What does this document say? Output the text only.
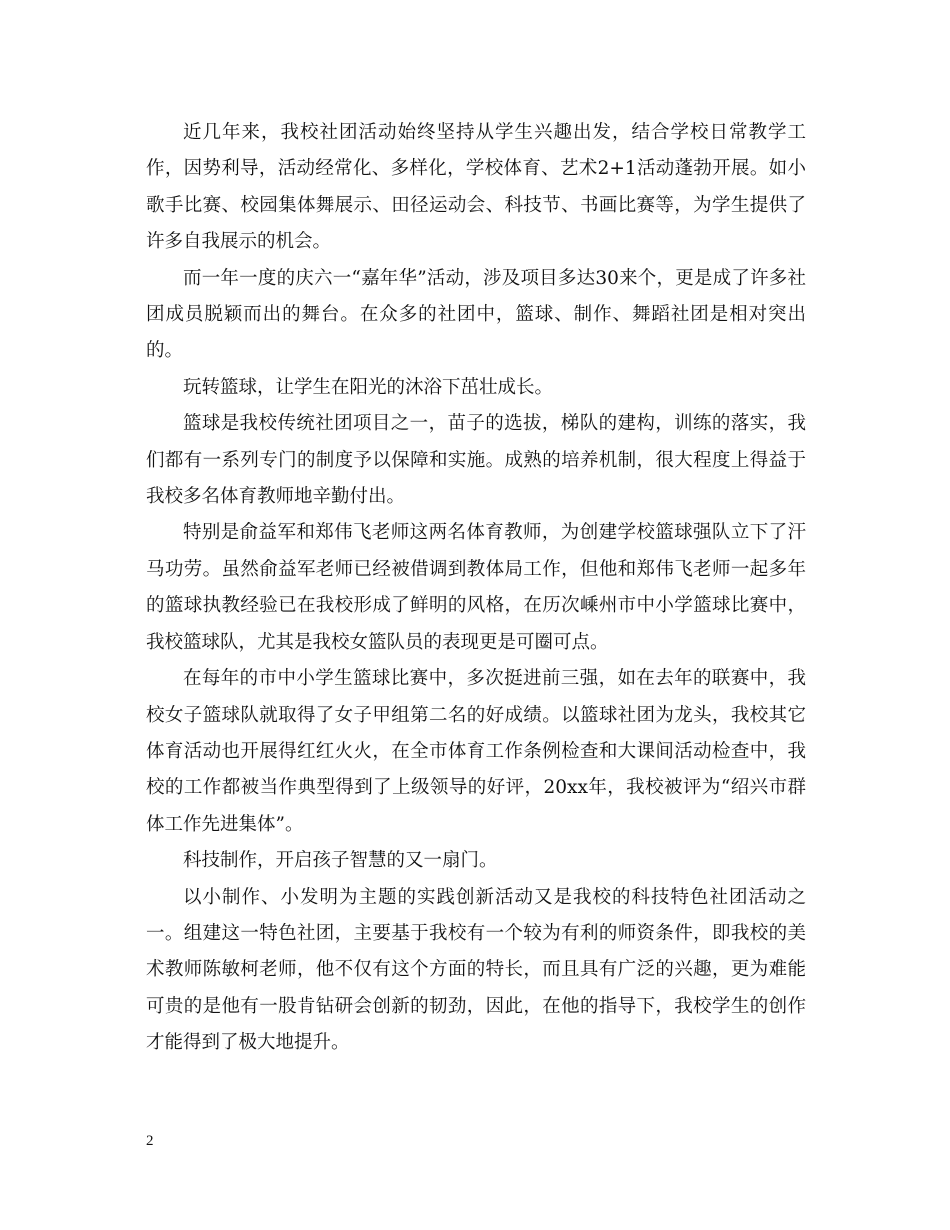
近几年来，我校社团活动始终坚持从学生兴趣出发，结合学校日常教学工作，因势利导，活动经常化、多样化，学校体育、艺术2+1活动蓬勃开展。如小歌手比赛、校园集体舞展示、田径运动会、科技节、书画比赛等，为学生提供了许多自我展示的机会。

而一年一度的庆六一“嘉年华”活动，涉及项目多达30来个，更是成了许多社团成员脱颖而出的舞台。在众多的社团中，篮球、制作、舞蹈社团是相对突出的。

玩转篮球，让学生在阳光的沐浴下茁壮成长。

篮球是我校传统社团项目之一，苗子的选拔，梯队的建构，训练的落实，我们都有一系列专门的制度予以保障和实施。成熟的培养机制，很大程度上得益于我校多名体育教师地辛勤付出。

特别是俞益军和郑伟飞老师这两名体育教师，为创建学校篮球强队立下了汗马功劳。虽然俞益军老师已经被借调到教体局工作，但他和郑伟飞老师一起多年的篮球执教经验已在我校形成了鲜明的风格，在历次嵊州市中小学篮球比赛中，我校篮球队，尤其是我校女篮队员的表现更是可圈可点。

在每年的市中小学生篮球比赛中，多次挺进前三强，如在去年的联赛中，我校女子篮球队就取得了女子甲组第二名的好成绩。以篮球社团为龙头，我校其它体育活动也开展得红红火火，在全市体育工作条例检查和大课间活动检查中，我校的工作都被当作典型得到了上级领导的好评，20xx年，我校被评为“绍兴市群体工作先进集体”。

科技制作，开启孩子智慧的又一扇门。

以小制作、小发明为主题的实践创新活动又是我校的科技特色社团活动之一。组建这一特色社团，主要基于我校有一个较为有利的师资条件，即我校的美术教师陈敏柯老师，他不仅有这个方面的特长，而且具有广泛的兴趣，更为难能可贵的是他有一股肯钻研会创新的韧劲，因此，在他的指导下，我校学生的创作才能得到了极大地提升。

2
